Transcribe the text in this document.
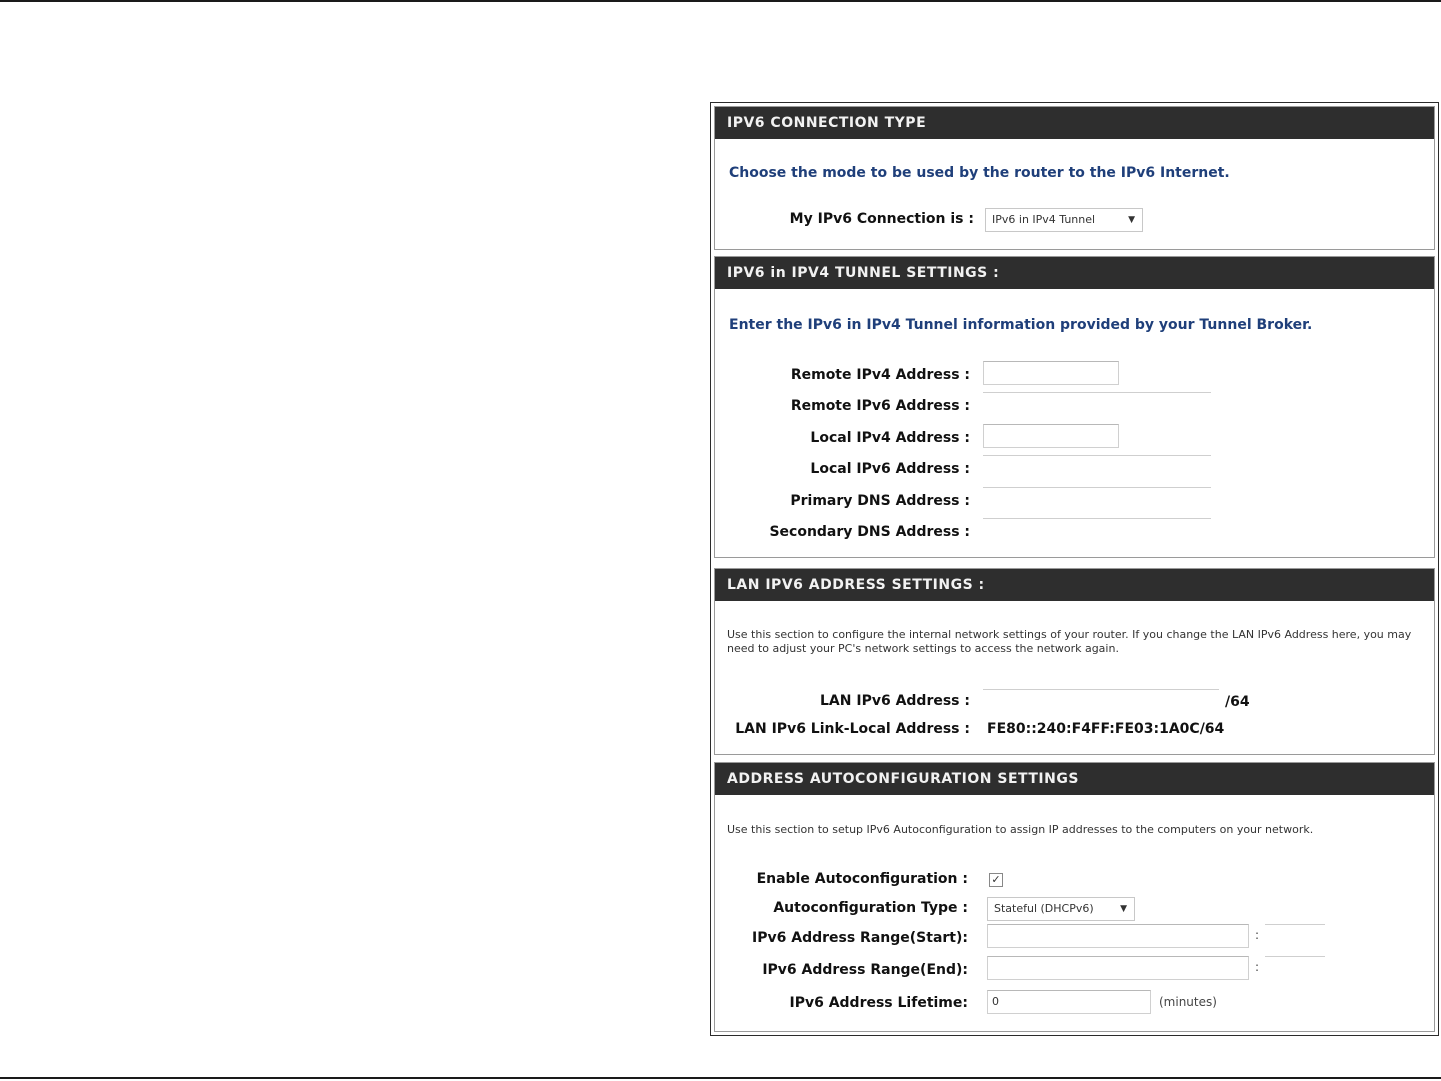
IPV6 CONNECTION TYPE
Choose the mode to be used by the router to the IPv6 Internet.
My IPv6 Connection is :	IPv6 in IPv4 Tunnel	▼
IPV6 in IPV4 TUNNEL SETTINGS :
Enter the IPv6 in IPv4 Tunnel information provided by your Tunnel Broker.
Remote IPv4 Address :
Remote IPv6 Address :
Local IPv4 Address :
Local IPv6 Address :
Primary DNS Address :
Secondary DNS Address :
LAN IPV6 ADDRESS SETTINGS :
Use this section to configure the internal network settings of your router. If you change the LAN IPv6 Address here, you may need to adjust your PC's network settings to access the network again.
LAN IPv6 Address :	/64
LAN IPv6 Link-Local Address : FE80::240:F4FF:FE03:1A0C/64
ADDRESS AUTOCONFIGURATION SETTINGS
Use this section to setup IPv6 Autoconfiguration to assign IP addresses to the computers on your network.
Enable Autoconfiguration : ✓
Autoconfiguration Type :	Stateful (DHCPv6)	▼
IPv6 Address Range(Start):	:
IPv6 Address Range(End):	:
IPv6 Address Lifetime:	0	(minutes)
